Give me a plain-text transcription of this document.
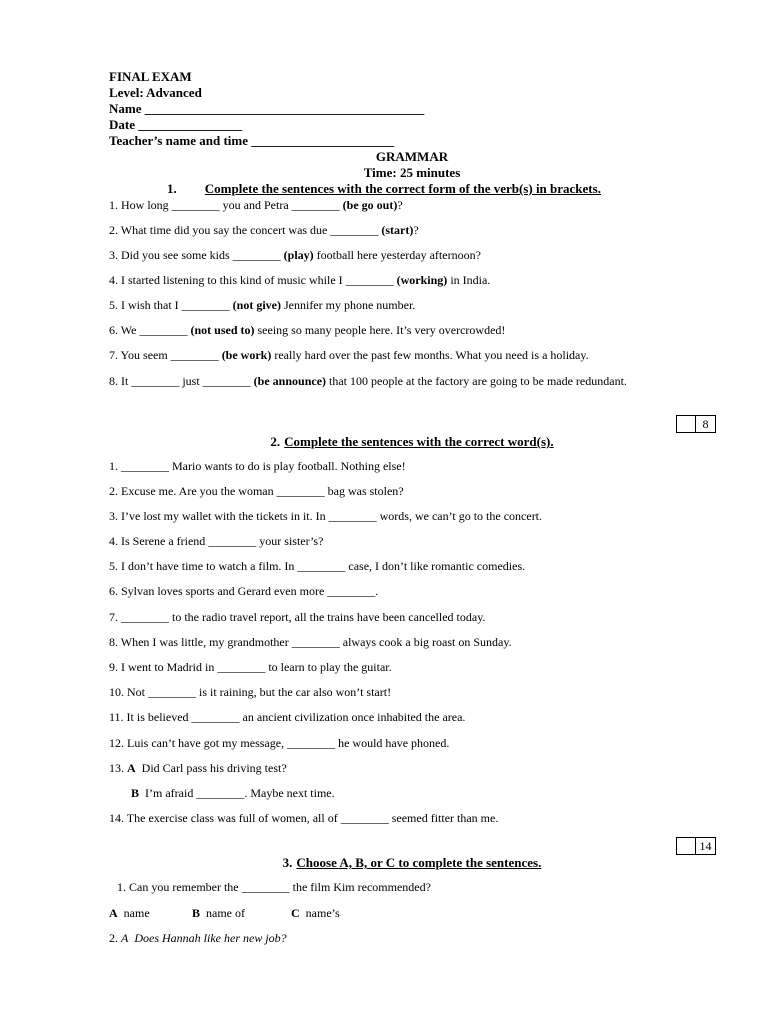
FINAL EXAM
Level: Advanced
Name ___________________________________________
Date ________________
Teacher’s name and time ______________________
GRAMMAR
Time: 25 minutes
1. Complete the sentences with the correct form of the verb(s) in brackets.
1. How long ________ you and Petra ________ (be go out)?
2. What time did you say the concert was due ________ (start)?
3. Did you see some kids ________ (play) football here yesterday afternoon?
4. I started listening to this kind of music while I ________ (working) in India.
5. I wish that I ________ (not give) Jennifer my phone number.
6. We ________ (not used to) seeing so many people here. It’s very overcrowded!
7. You seem ________ (be work) really hard over the past few months. What you need is a holiday.
8. It ________ just ________ (be announce) that 100 people at the factory are going to be made redundant.
8
2. Complete the sentences with the correct word(s).
1. ________ Mario wants to do is play football. Nothing else!
2. Excuse me. Are you the woman ________ bag was stolen?
3. I’ve lost my wallet with the tickets in it. In ________ words, we can’t go to the concert.
4. Is Serene a friend ________ your sister’s?
5. I don’t have time to watch a film. In ________ case, I don’t like romantic comedies.
6. Sylvan loves sports and Gerard even more ________.
7. ________ to the radio travel report, all the trains have been cancelled today.
8. When I was little, my grandmother ________ always cook a big roast on Sunday.
9. I went to Madrid in ________ to learn to play the guitar.
10. Not ________ is it raining, but the car also won’t start!
11. It is believed ________ an ancient civilization once inhabited the area.
12. Luis can’t have got my message, ________ he would have phoned.
13. A Did Carl pass his driving test?
B I’m afraid ________. Maybe next time.
14. The exercise class was full of women, all of ________ seemed fitter than me.
14
3. Choose A, B, or C to complete the sentences.
1. Can you remember the ________ the film Kim recommended?
A name	B name of	C name’s
2. A Does Hannah like her new job?
